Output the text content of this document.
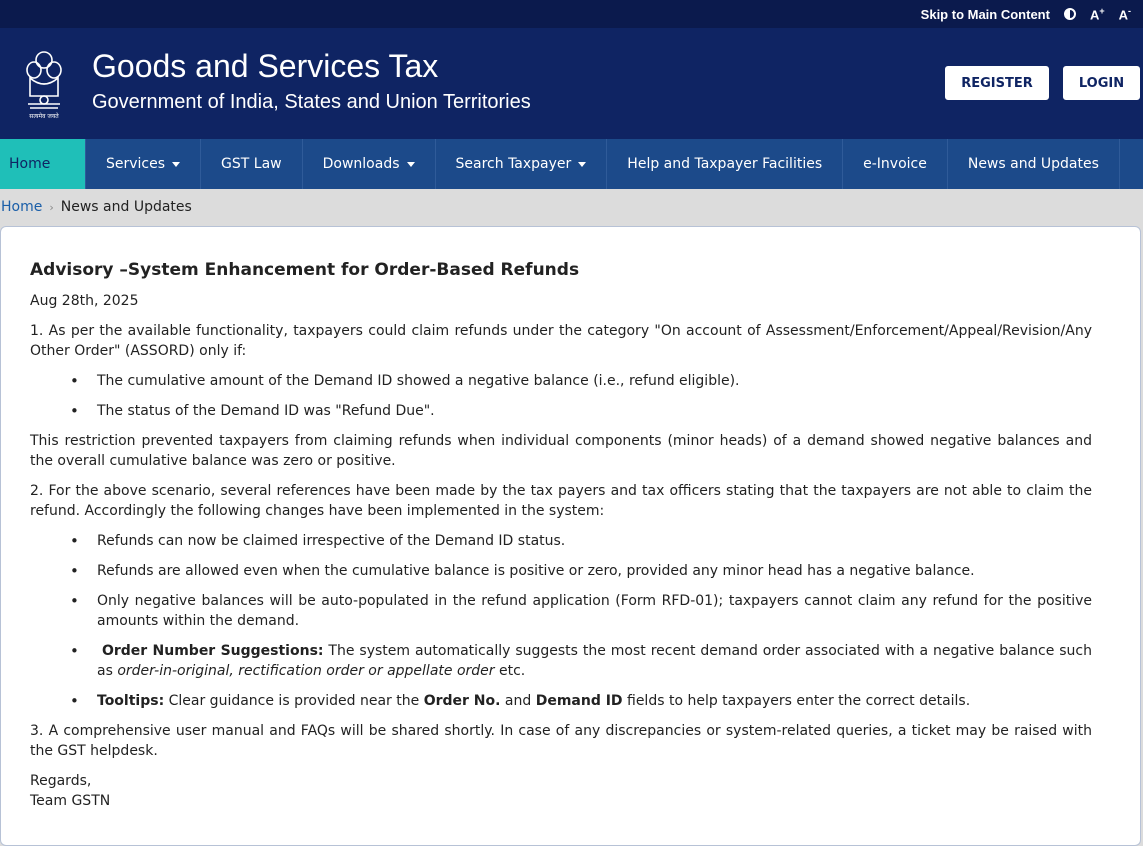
Skip to Main Content	A+ A-
सत्यमेव जयते
Goods and Services Tax
Government of India, States and Union Territories
REGISTER	LOGIN
Home	Services	GST Law	Downloads	Search Taxpayer	Help and Taxpayer Facilities	e-Invoice	News and Updates
Home › News and Updates
Advisory –System Enhancement for Order-Based Refunds
Aug 28th, 2025

1. As per the available functionality, taxpayers could claim refunds under the category "On account of Assessment/Enforcement/Appeal/Revision/Any Other Order" (ASSORD) only if:

• The cumulative amount of the Demand ID showed a negative balance (i.e., refund eligible).
• The status of the Demand ID was "Refund Due".

This restriction prevented taxpayers from claiming refunds when individual components (minor heads) of a demand showed negative balances and the overall cumulative balance was zero or positive.

2. For the above scenario, several references have been made by the tax payers and tax officers stating that the taxpayers are not able to claim the refund. Accordingly the following changes have been implemented in the system:

• Refunds can now be claimed irrespective of the Demand ID status.
• Refunds are allowed even when the cumulative balance is positive or zero, provided any minor head has a negative balance.
• Only negative balances will be auto-populated in the refund application (Form RFD-01); taxpayers cannot claim any refund for the positive amounts within the demand.
• Order Number Suggestions: The system automatically suggests the most recent demand order associated with a negative balance such as order-in-original, rectification order or appellate order etc.
• Tooltips: Clear guidance is provided near the Order No. and Demand ID fields to help taxpayers enter the correct details.

3. A comprehensive user manual and FAQs will be shared shortly. In case of any discrepancies or system-related queries, a ticket may be raised with the GST helpdesk.

Regards,
Team GSTN
